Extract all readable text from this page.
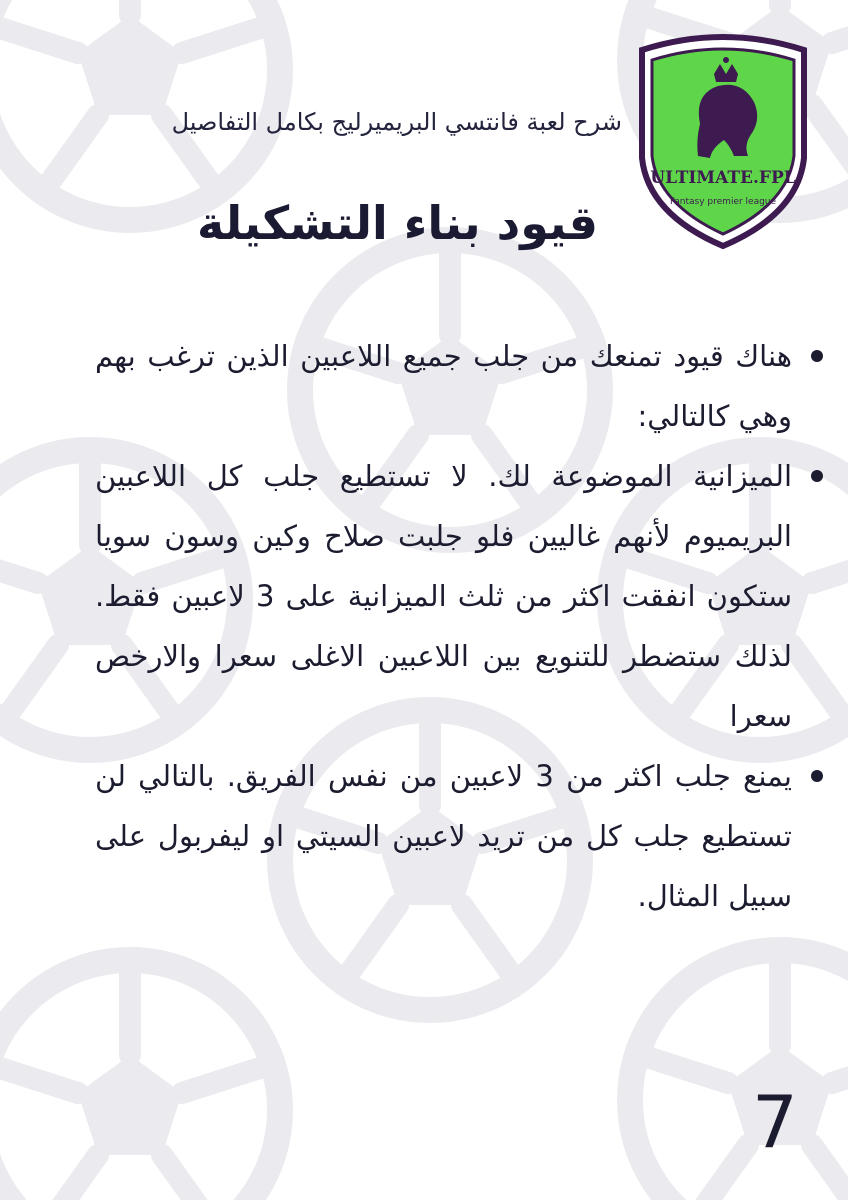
شرح لعبة فانتسي البريميرليج بكامل التفاصيل
قيود بناء التشكيلة
ULTIMATE.FPL
Fantasy premier league

هناك قيود تمنعك من جلب جميع اللاعبين الذين ترغب بهم وهي كالتالي:

الميزانية الموضوعة لك. لا تستطيع جلب كل اللاعبين البريميوم لأنهم غاليين فلو جلبت صلاح وكين وسون سويا ستكون انفقت اكثر من ثلث الميزانية على 3 لاعبين فقط. لذلك ستضطر للتنويع بين اللاعبين الاغلى سعرا والارخص سعرا

يمنع جلب اكثر من 3 لاعبين من نفس الفريق. بالتالي لن تستطيع جلب كل من تريد لاعبين السيتي او ليفربول على سبيل المثال.

7
